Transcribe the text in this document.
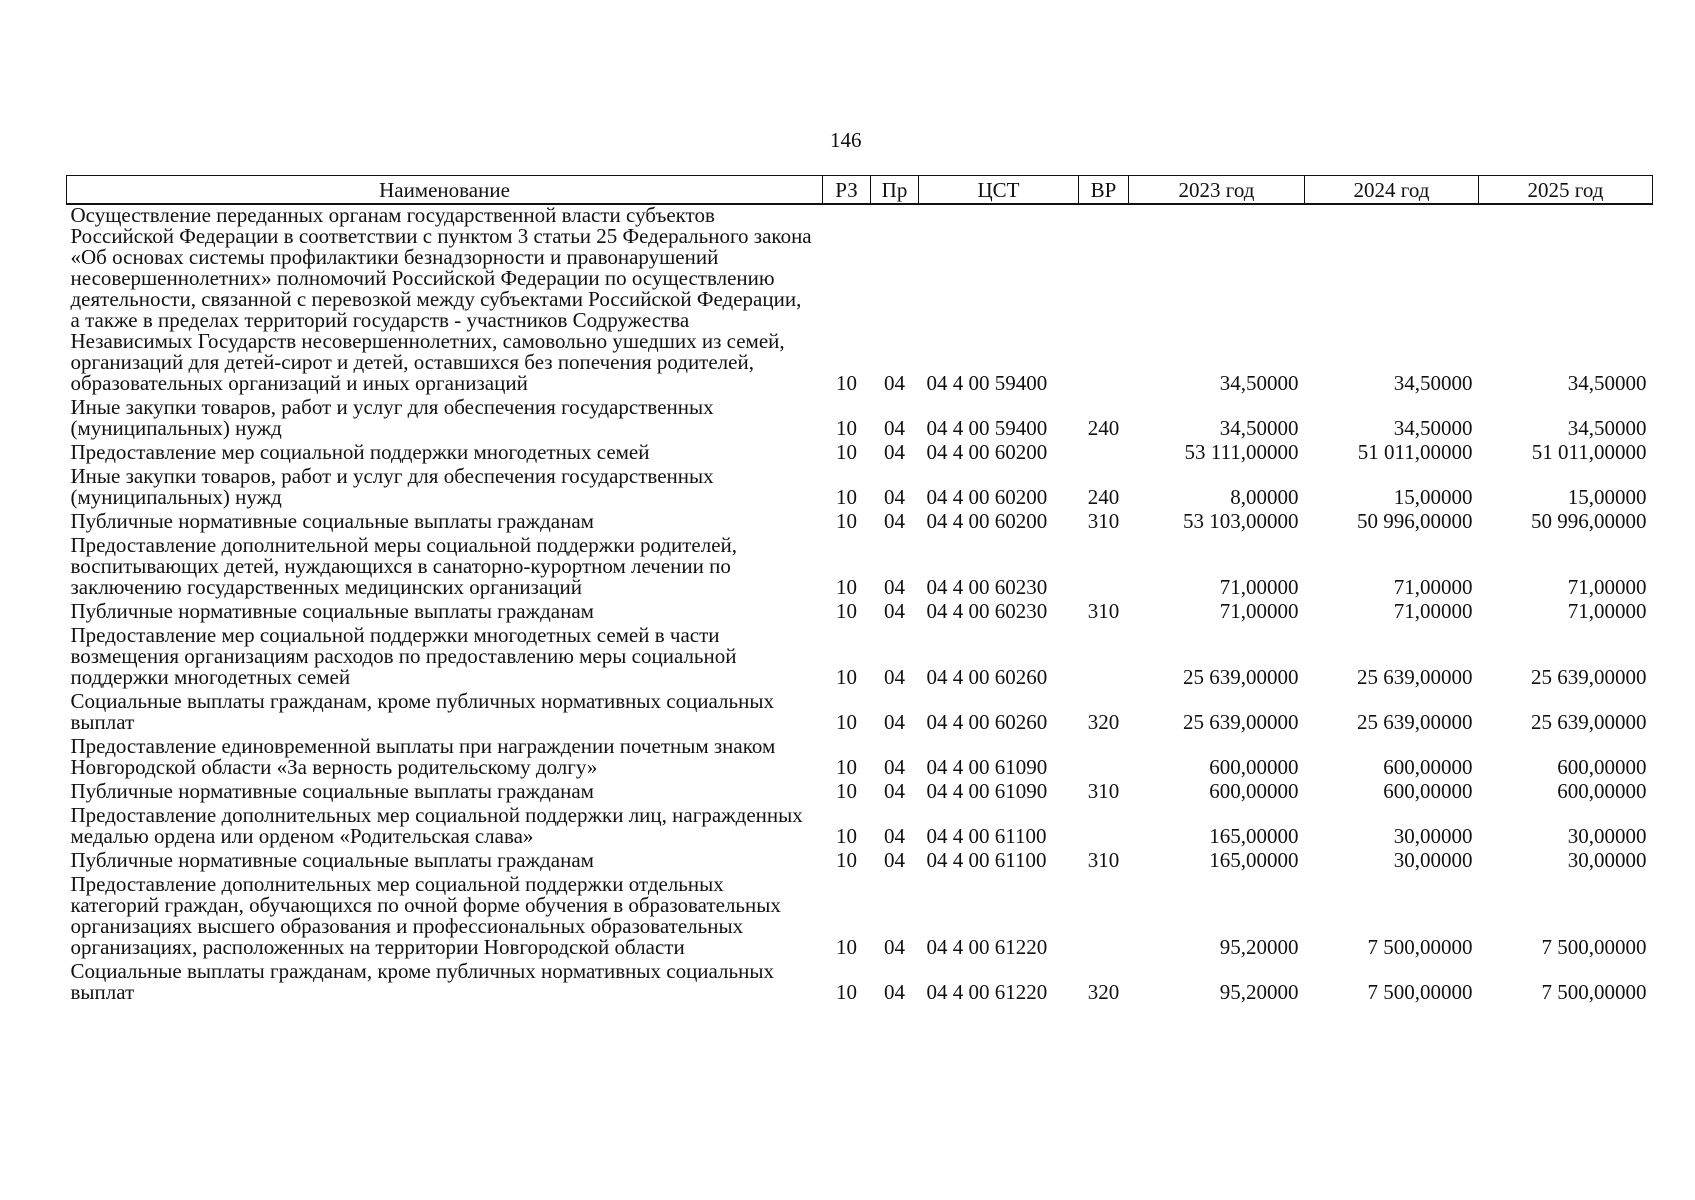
146
Наименование	РЗ	Пр	ЦСТ	ВР	2023 год	2024 год	2025 год
Осуществление переданных органам государственной власти субъектов Российской Федерации в соответствии с пунктом 3 статьи 25 Федерального закона «Об основах системы профилактики безнадзорности и правонарушений несовершеннолетних» полномочий Российской Федерации по осуществлению деятельности, связанной с перевозкой между субъектами Российской Федерации, а также в пределах территорий государств - участников Содружества Независимых Государств несовершеннолетних, самовольно ушедших из семей, организаций для детей-сирот и детей, оставшихся без попечения родителей, образовательных организаций и иных организаций	10	04	04 4 00 59400		34,50000	34,50000	34,50000
Иные закупки товаров, работ и услуг для обеспечения государственных (муниципальных) нужд	10	04	04 4 00 59400	240	34,50000	34,50000	34,50000
Предоставление мер социальной поддержки многодетных семей	10	04	04 4 00 60200		53 111,00000	51 011,00000	51 011,00000
Иные закупки товаров, работ и услуг для обеспечения государственных (муниципальных) нужд	10	04	04 4 00 60200	240	8,00000	15,00000	15,00000
Публичные нормативные социальные выплаты гражданам	10	04	04 4 00 60200	310	53 103,00000	50 996,00000	50 996,00000
Предоставление дополнительной меры социальной поддержки родителей, воспитывающих детей, нуждающихся в санаторно-курортном лечении по заключению государственных медицинских организаций	10	04	04 4 00 60230		71,00000	71,00000	71,00000
Публичные нормативные социальные выплаты гражданам	10	04	04 4 00 60230	310	71,00000	71,00000	71,00000
Предоставление мер социальной поддержки многодетных семей в части возмещения организациям расходов по предоставлению меры социальной поддержки многодетных семей	10	04	04 4 00 60260		25 639,00000	25 639,00000	25 639,00000
Социальные выплаты гражданам, кроме публичных нормативных социальных выплат	10	04	04 4 00 60260	320	25 639,00000	25 639,00000	25 639,00000
Предоставление единовременной выплаты при награждении почетным знаком Новгородской области «За верность родительскому долгу»	10	04	04 4 00 61090		600,00000	600,00000	600,00000
Публичные нормативные социальные выплаты гражданам	10	04	04 4 00 61090	310	600,00000	600,00000	600,00000
Предоставление дополнительных мер социальной поддержки лиц, награжденных медалью ордена или орденом «Родительская слава»	10	04	04 4 00 61100		165,00000	30,00000	30,00000
Публичные нормативные социальные выплаты гражданам	10	04	04 4 00 61100	310	165,00000	30,00000	30,00000
Предоставление дополнительных мер социальной поддержки отдельных категорий граждан, обучающихся по очной форме обучения в образовательных организациях высшего образования и профессиональных образовательных организациях, расположенных на территории Новгородской области	10	04	04 4 00 61220		95,20000	7 500,00000	7 500,00000
Социальные выплаты гражданам, кроме публичных нормативных социальных выплат	10	04	04 4 00 61220	320	95,20000	7 500,00000	7 500,00000
